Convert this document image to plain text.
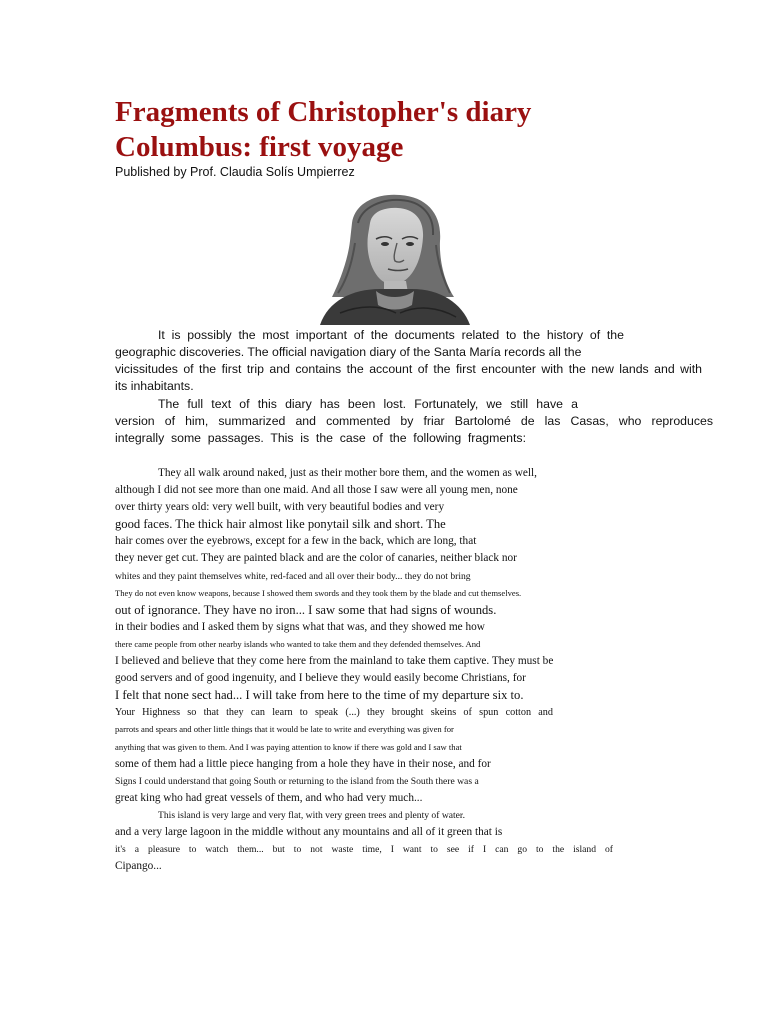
Fragments of Christopher's diary
Columbus: first voyage
Published by Prof. Claudia Solís Umpierrez
It is possibly the most important of the documents related to the history of the
geographic discoveries. The official navigation diary of the Santa María records all the
vicissitudes of the first trip and contains the account of the first encounter with the new lands and with
its inhabitants.
The full text of this diary has been lost. Fortunately, we still have a
version of him, summarized and commented by friar Bartolomé de las Casas, who reproduces
integrally some passages. This is the case of the following fragments:
They all walk around naked, just as their mother bore them, and the women as well,
although I did not see more than one maid. And all those I saw were all young men, none
over thirty years old: very well built, with very beautiful bodies and very
good faces. The thick hair almost like ponytail silk and short. The
hair comes over the eyebrows, except for a few in the back, which are long, that
they never get cut. They are painted black and are the color of canaries, neither black nor
whites and they paint themselves white, red-faced and all over their body... they do not bring
They do not even know weapons, because I showed them swords and they took them by the blade and cut themselves.
out of ignorance. They have no iron... I saw some that had signs of wounds.
in their bodies and I asked them by signs what that was, and they showed me how
there came people from other nearby islands who wanted to take them and they defended themselves. And
I believed and believe that they come here from the mainland to take them captive. They must be
good servers and of good ingenuity, and I believe they would easily become Christians, for
I felt that none sect had... I will take from here to the time of my departure six to.
Your Highness so that they can learn to speak (...) they brought skeins of spun cotton and
parrots and spears and other little things that it would be late to write and everything was given for
anything that was given to them. And I was paying attention to know if there was gold and I saw that
some of them had a little piece hanging from a hole they have in their nose, and for
Signs I could understand that going South or returning to the island from the South there was a
great king who had great vessels of them, and who had very much...
This island is very large and very flat, with very green trees and plenty of water.
and a very large lagoon in the middle without any mountains and all of it green that is
it's a pleasure to watch them... but to not waste time, I want to see if I can go to the island of
Cipango...
